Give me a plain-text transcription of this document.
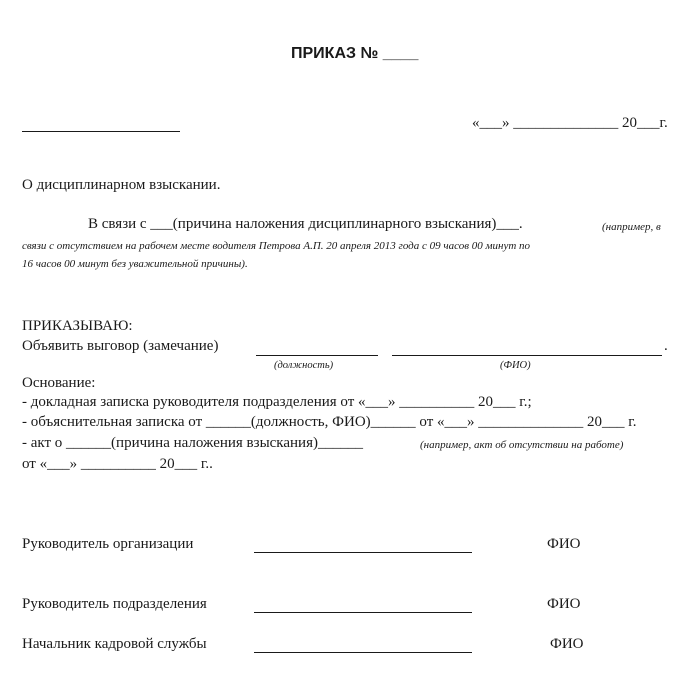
ПРИКАЗ № ____
«___» ______________ 20___г.
О дисциплинарном взыскании.
В связи с ___(причина наложения дисциплинарного взыскания)___.	(например, в
связи с отсутствием на рабочем месте водителя Петрова А.П. 20 апреля 2013 года с 09 часов 00 минут по
16 часов 00 минут без уважительной причины).
ПРИКАЗЫВАЮ:
Объявить выговор (замечание)	.
(должность)	(ФИО)
Основание:
- докладная записка руководителя подразделения от «___» __________ 20___ г.;
- объяснительная записка от ______(должность, ФИО)______ от «___» ______________ 20___ г.
- акт о ______(причина наложения взыскания)______	(например, акт об отсутствии на работе)
от «___» __________ 20___ г..
Руководитель организации	ФИО
Руководитель подразделения	ФИО
Начальник кадровой службы	ФИО
